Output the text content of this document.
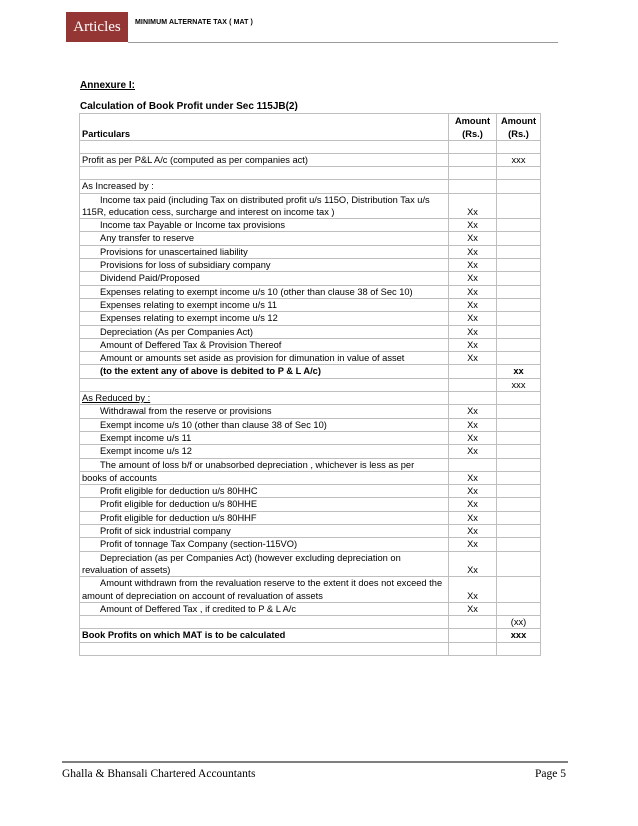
Articles	MINIMUM ALTERNATE TAX ( MAT )
Annexure I:
Calculation of Book Profit under Sec 115JB(2)
Particulars	Amount (Rs.)	Amount (Rs.)

Profit as per P&L A/c (computed as per companies act)		xxx

As Increased by :		
Income tax paid (including Tax on distributed profit u/s 115O, Distribution Tax u/s 115R, education cess, surcharge and interest on income tax )	Xx	
Income tax Payable or Income tax provisions	Xx	
Any transfer to reserve	Xx	
Provisions for unascertained liability	Xx	
Provisions for loss of subsidiary company	Xx	
Dividend Paid/Proposed	Xx	
Expenses relating to exempt income u/s 10 (other than clause 38 of Sec 10)	Xx	
Expenses relating to exempt income u/s 11	Xx	
Expenses relating to exempt income u/s 12	Xx	
Depreciation (As per Companies Act)	Xx	
Amount of Deffered Tax & Provision Thereof	Xx	
Amount or amounts set aside as provision for dimunation in value of asset	Xx	
(to the extent any of above is debited to P & L A/c)		xx
		xxx
As Reduced by :		
Withdrawal from the reserve or provisions	Xx	
Exempt income u/s 10 (other than clause 38 of Sec 10)	Xx	
Exempt income u/s 11	Xx	
Exempt income u/s 12	Xx	
The amount of loss b/f or unabsorbed depreciation , whichever is less as per		
books of accounts	Xx	
Profit eligible for deduction u/s 80HHC	Xx	
Profit eligible for deduction u/s 80HHE	Xx	
Profit eligible for deduction u/s 80HHF	Xx	
Profit of sick industrial company	Xx	
Profit of tonnage Tax Company (section-115VO)	Xx	
Depreciation (as per Companies Act) (however excluding depreciation on revaluation of assets)	Xx	
Amount withdrawn from the revaluation reserve to the extent it does not exceed the amount of depreciation on account of revaluation of assets	Xx	
Amount of Deffered Tax , if credited to P & L A/c	Xx	
		(xx)
Book Profits on which MAT is to be calculated		xxx

Ghalla & Bhansali Chartered Accountants	Page 5
